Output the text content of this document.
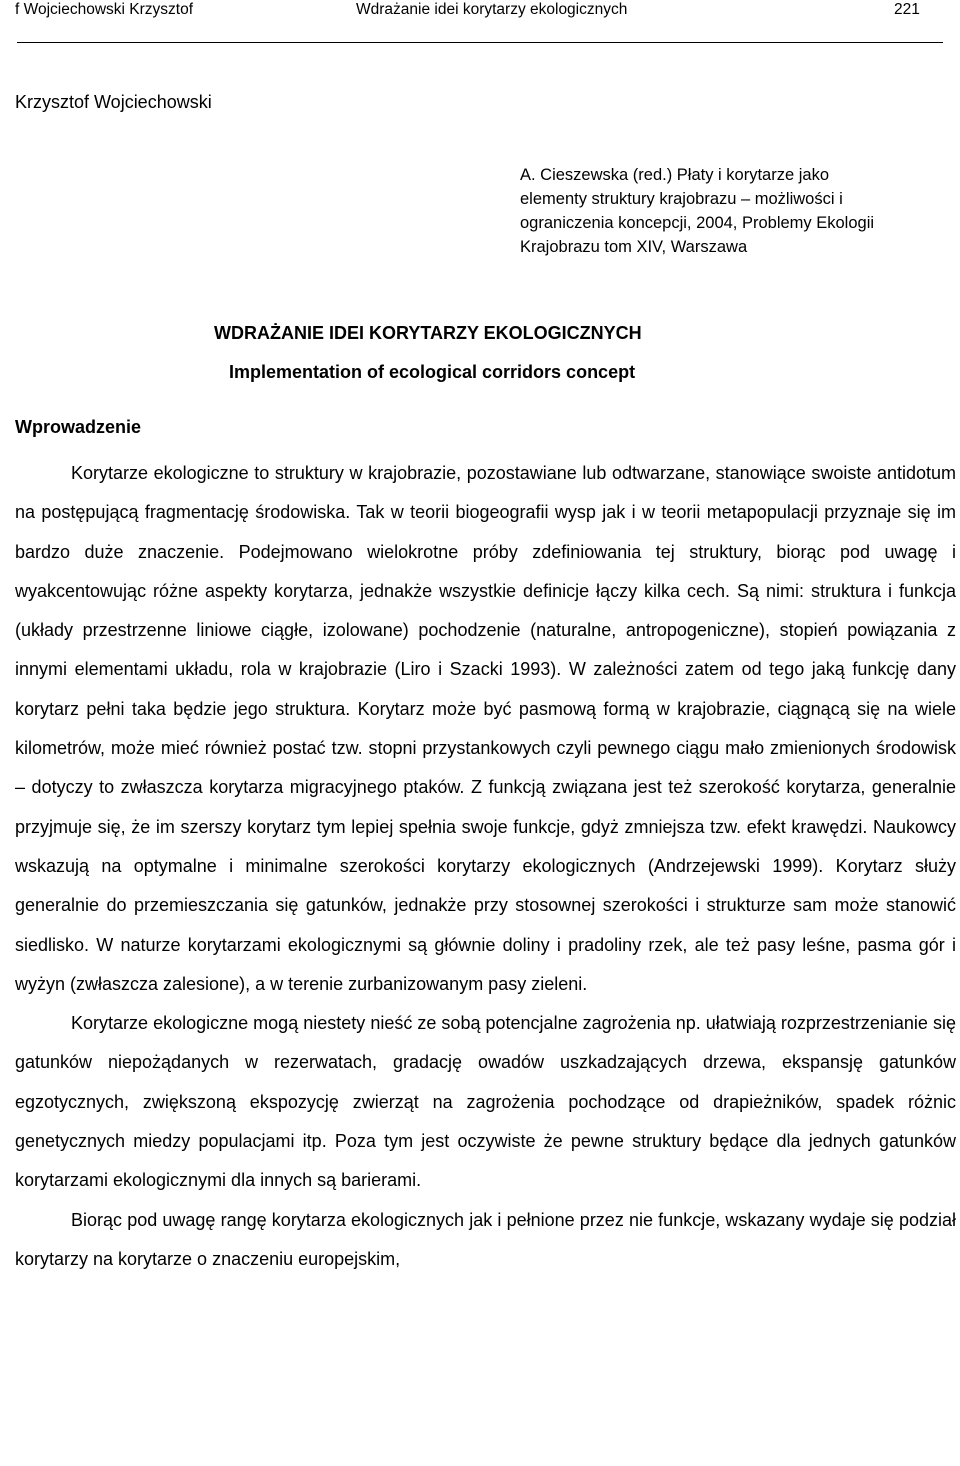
f Wojciechowski Krzysztof	Wdrażanie idei korytarzy ekologicznych	221
Krzysztof Wojciechowski
A. Cieszewska (red.) Płaty i korytarze jako
elementy struktury krajobrazu – możliwości i
ograniczenia koncepcji, 2004, Problemy Ekologii
Krajobrazu tom XIV, Warszawa
WDRAŻANIE IDEI KORYTARZY EKOLOGICZNYCH
Implementation of ecological corridors concept
Wprowadzenie

Korytarze ekologiczne to struktury w krajobrazie, pozostawiane lub odtwarzane, stanowiące swoiste antidotum na postępującą fragmentację środowiska. Tak w teorii biogeografii wysp jak i w teorii metapopulacji przyznaje się im bardzo duże znaczenie. Podejmowano wielokrotne próby zdefiniowania tej struktury, biorąc pod uwagę i wyakcentowując różne aspekty korytarza, jednakże wszystkie definicje łączy kilka cech. Są nimi: struktura i funkcja (układy przestrzenne liniowe ciągłe, izolowane) pochodzenie (naturalne, antropogeniczne), stopień powiązania z innymi elementami układu, rola w krajobrazie (Liro i Szacki 1993). W zależności zatem od tego jaką funkcję dany korytarz pełni taka będzie jego struktura. Korytarz może być pasmową formą w krajobrazie, ciągnącą się na wiele kilometrów, może mieć również postać tzw. stopni przystankowych czyli pewnego ciągu mało zmienionych środowisk – dotyczy to zwłaszcza korytarza migracyjnego ptaków. Z funkcją związana jest też szerokość korytarza, generalnie przyjmuje się, że im szerszy korytarz tym lepiej spełnia swoje funkcje, gdyż zmniejsza tzw. efekt krawędzi. Naukowcy wskazują na optymalne i minimalne szerokości korytarzy ekologicznych (Andrzejewski 1999). Korytarz służy generalnie do przemieszczania się gatunków, jednakże przy stosownej szerokości i strukturze sam może stanowić siedlisko. W naturze korytarzami ekologicznymi są głównie doliny i pradoliny rzek, ale też pasy leśne, pasma gór i wyżyn (zwłaszcza zalesione), a w terenie zurbanizowanym pasy zieleni.

Korytarze ekologiczne mogą niestety nieść ze sobą potencjalne zagrożenia np. ułatwiają rozprzestrzenianie się gatunków niepożądanych w rezerwatach, gradację owadów uszkadzających drzewa, ekspansję gatunków egzotycznych, zwiększoną ekspozycję zwierząt na zagrożenia pochodzące od drapieżników, spadek różnic genetycznych miedzy populacjami itp. Poza tym jest oczywiste że pewne struktury będące dla jednych gatunków korytarzami ekologicznymi dla innych są barierami.

Biorąc pod uwagę rangę korytarza ekologicznych jak i pełnione przez nie funkcje, wskazany wydaje się podział korytarzy na korytarze o znaczeniu europejskim,
